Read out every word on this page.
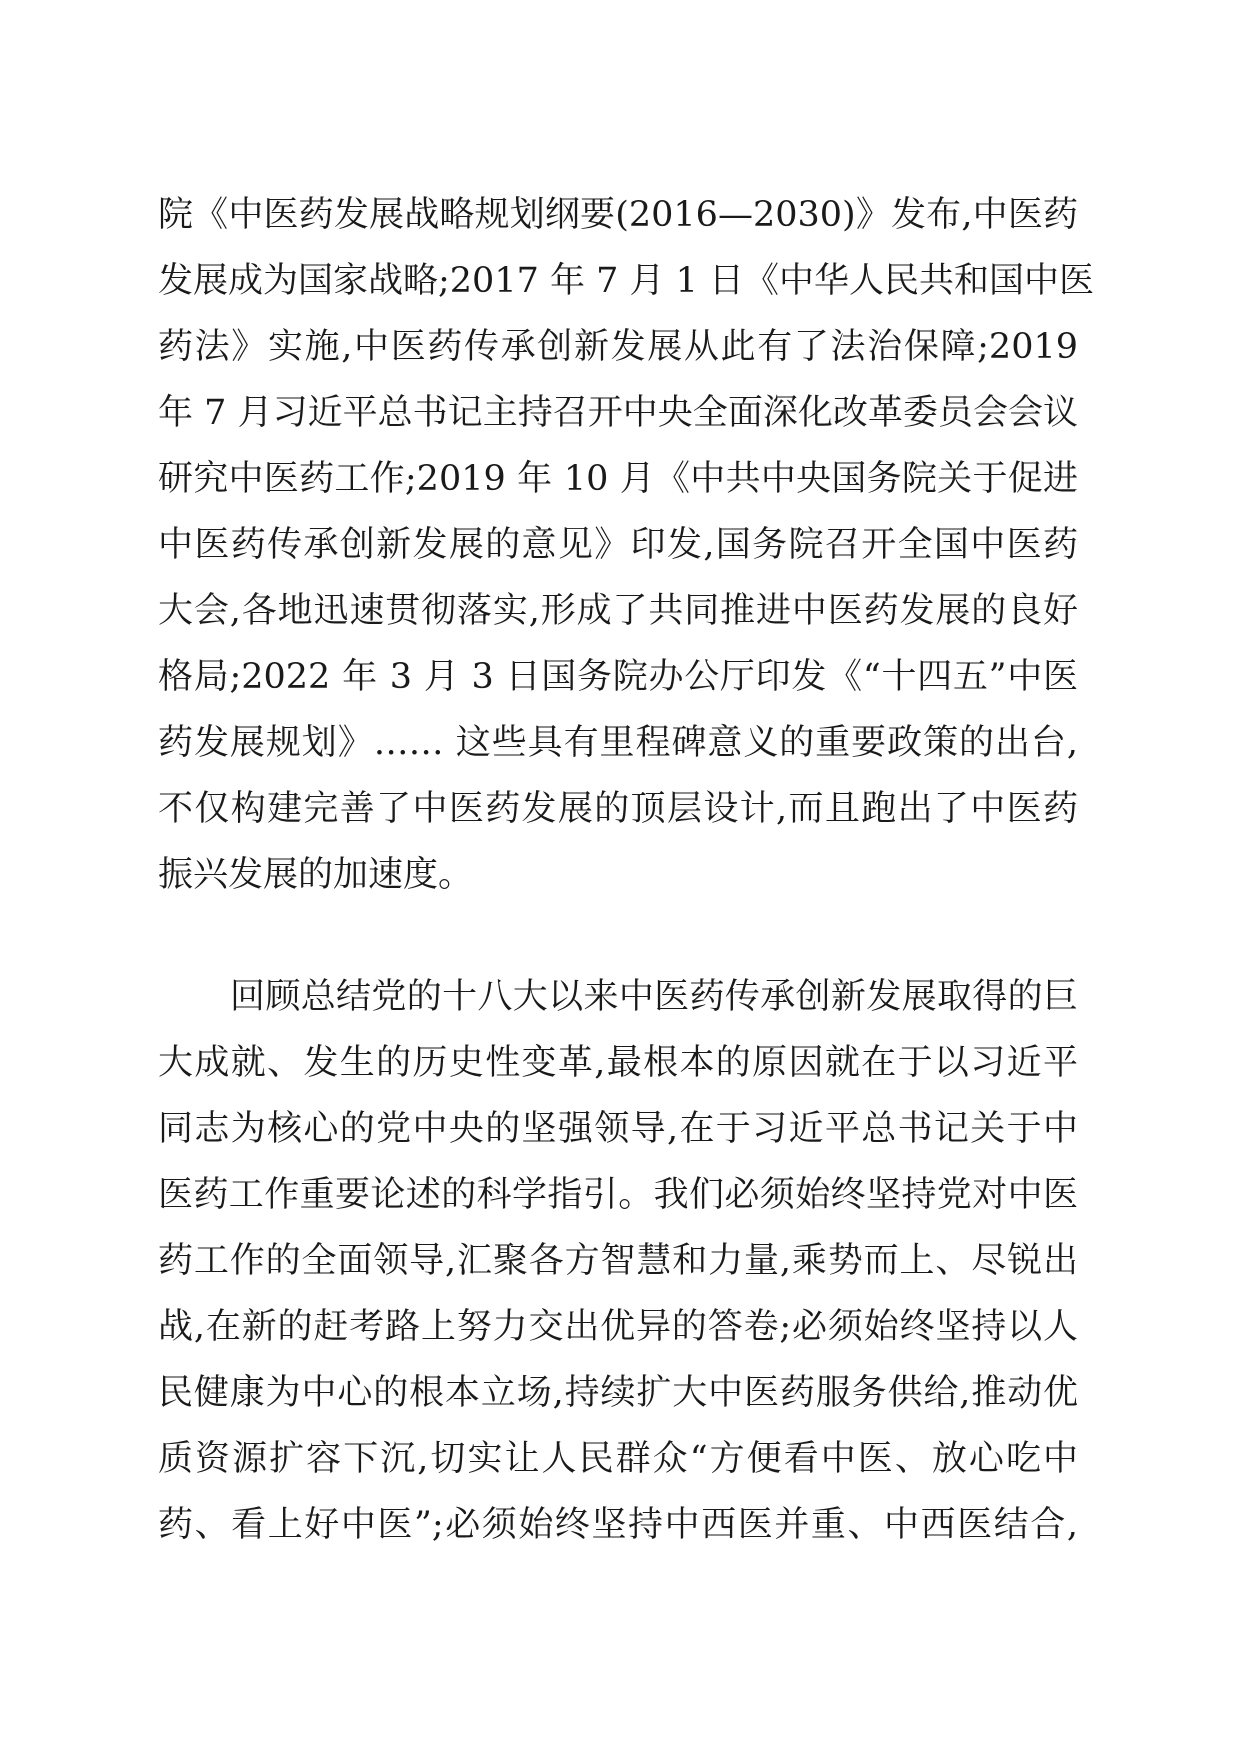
院《中医药发展战略规划纲要(2016—2030)》发布,中医药
发展成为国家战略;2017 年 7 月 1 日《中华人民共和国中医
药法》实施,中医药传承创新发展从此有了法治保障;2019
年 7 月习近平总书记主持召开中央全面深化改革委员会会议
研究中医药工作;2019 年 10 月《中共中央国务院关于促进
中医药传承创新发展的意见》印发,国务院召开全国中医药
大会,各地迅速贯彻落实,形成了共同推进中医药发展的良好
格局;2022 年 3 月 3 日国务院办公厅印发《“十四五”中医
药发展规划》…… 这些具有里程碑意义的重要政策的出台,
不仅构建完善了中医药发展的顶层设计,而且跑出了中医药
振兴发展的加速度。
回顾总结党的十八大以来中医药传承创新发展取得的巨
大成就、发生的历史性变革,最根本的原因就在于以习近平
同志为核心的党中央的坚强领导,在于习近平总书记关于中
医药工作重要论述的科学指引。我们必须始终坚持党对中医
药工作的全面领导,汇聚各方智慧和力量,乘势而上、尽锐出
战,在新的赶考路上努力交出优异的答卷;必须始终坚持以人
民健康为中心的根本立场,持续扩大中医药服务供给,推动优
质资源扩容下沉,切实让人民群众“方便看中医、放心吃中
药、看上好中医”;必须始终坚持中西医并重、中西医结合,
